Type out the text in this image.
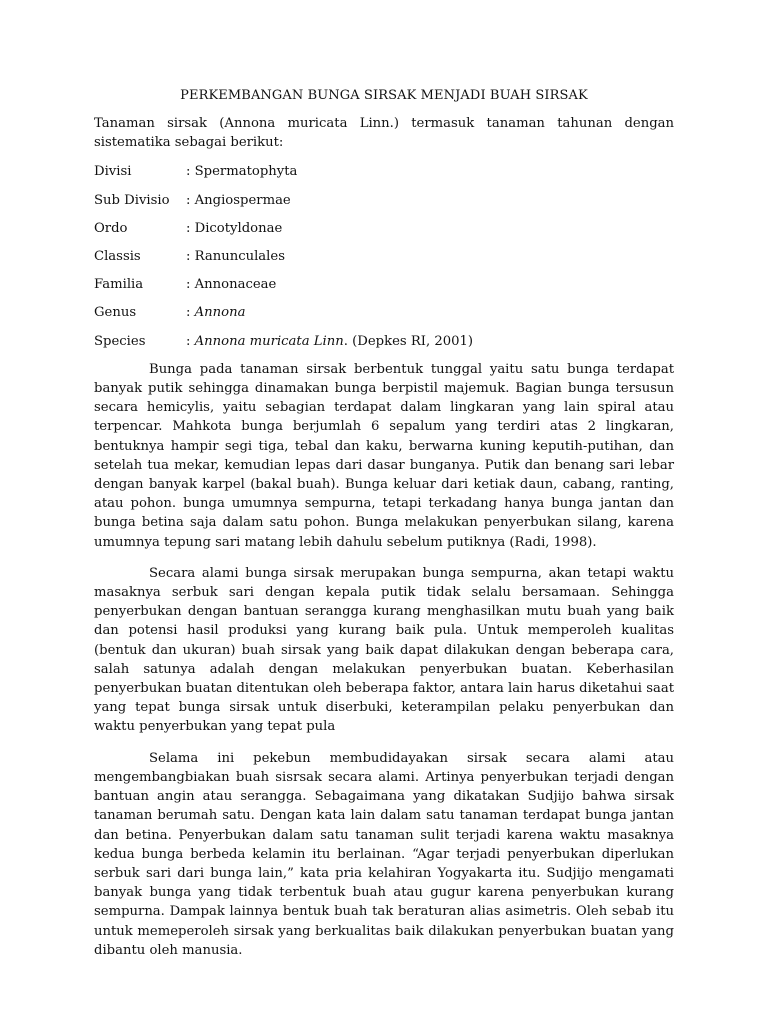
PERKEMBANGAN BUNGA SIRSAK MENJADI BUAH SIRSAK

Tanaman sirsak (Annona muricata Linn.) termasuk tanaman tahunan dengan sistematika sebagai berikut:

Divisi	: Spermatophyta
Sub Divisio	: Angiospermae
Ordo	: Dicotyldonae
Classis	: Ranunculales
Familia	: Annonaceae
Genus	: Annona
Species	: Annona muricata Linn. (Depkes RI, 2001)

Bunga pada tanaman sirsak berbentuk tunggal yaitu satu bunga terdapat banyak putik sehingga dinamakan bunga berpistil majemuk. Bagian bunga tersusun secara hemicylis, yaitu sebagian terdapat dalam lingkaran yang lain spiral atau terpencar. Mahkota bunga berjumlah 6 sepalum yang terdiri atas 2 lingkaran, bentuknya hampir segi tiga, tebal dan kaku, berwarna kuning keputih-putihan, dan setelah tua mekar, kemudian lepas dari dasar bunganya. Putik dan benang sari lebar dengan banyak karpel (bakal buah). Bunga keluar dari ketiak daun, cabang, ranting, atau pohon. bunga umumnya sempurna, tetapi terkadang hanya bunga jantan dan bunga betina saja dalam satu pohon. Bunga melakukan penyerbukan silang, karena umumnya tepung sari matang lebih dahulu sebelum putiknya (Radi, 1998).

Secara alami bunga sirsak merupakan bunga sempurna, akan tetapi waktu masaknya serbuk sari dengan kepala putik tidak selalu bersamaan. Sehingga penyerbukan dengan bantuan serangga kurang menghasilkan mutu buah yang baik dan potensi hasil produksi yang kurang baik pula. Untuk memperoleh kualitas (bentuk dan ukuran) buah sirsak yang baik dapat dilakukan dengan beberapa cara, salah satunya adalah dengan melakukan penyerbukan buatan. Keberhasilan penyerbukan buatan ditentukan oleh beberapa faktor, antara lain harus diketahui saat yang tepat bunga sirsak untuk diserbuki, keterampilan pelaku penyerbukan dan waktu penyerbukan yang tepat pula

Selama ini pekebun membudidayakan sirsak secara alami atau mengembangbiakan buah sisrsak secara alami. Artinya penyerbukan terjadi dengan bantuan angin atau serangga. Sebagaimana yang dikatakan Sudjijo bahwa sirsak tanaman berumah satu. Dengan kata lain dalam satu tanaman terdapat bunga jantan dan betina. Penyerbukan dalam satu tanaman sulit terjadi karena waktu masaknya kedua bunga berbeda kelamin itu berlainan. “Agar terjadi penyerbukan diperlukan serbuk sari dari bunga lain,” kata pria kelahiran Yogyakarta itu. Sudjijo mengamati banyak bunga yang tidak terbentuk buah atau gugur karena penyerbukan kurang sempurna. Dampak lainnya bentuk buah tak beraturan alias asimetris. Oleh sebab itu untuk memeperoleh sirsak yang berkualitas baik dilakukan penyerbukan buatan yang dibantu oleh manusia.
